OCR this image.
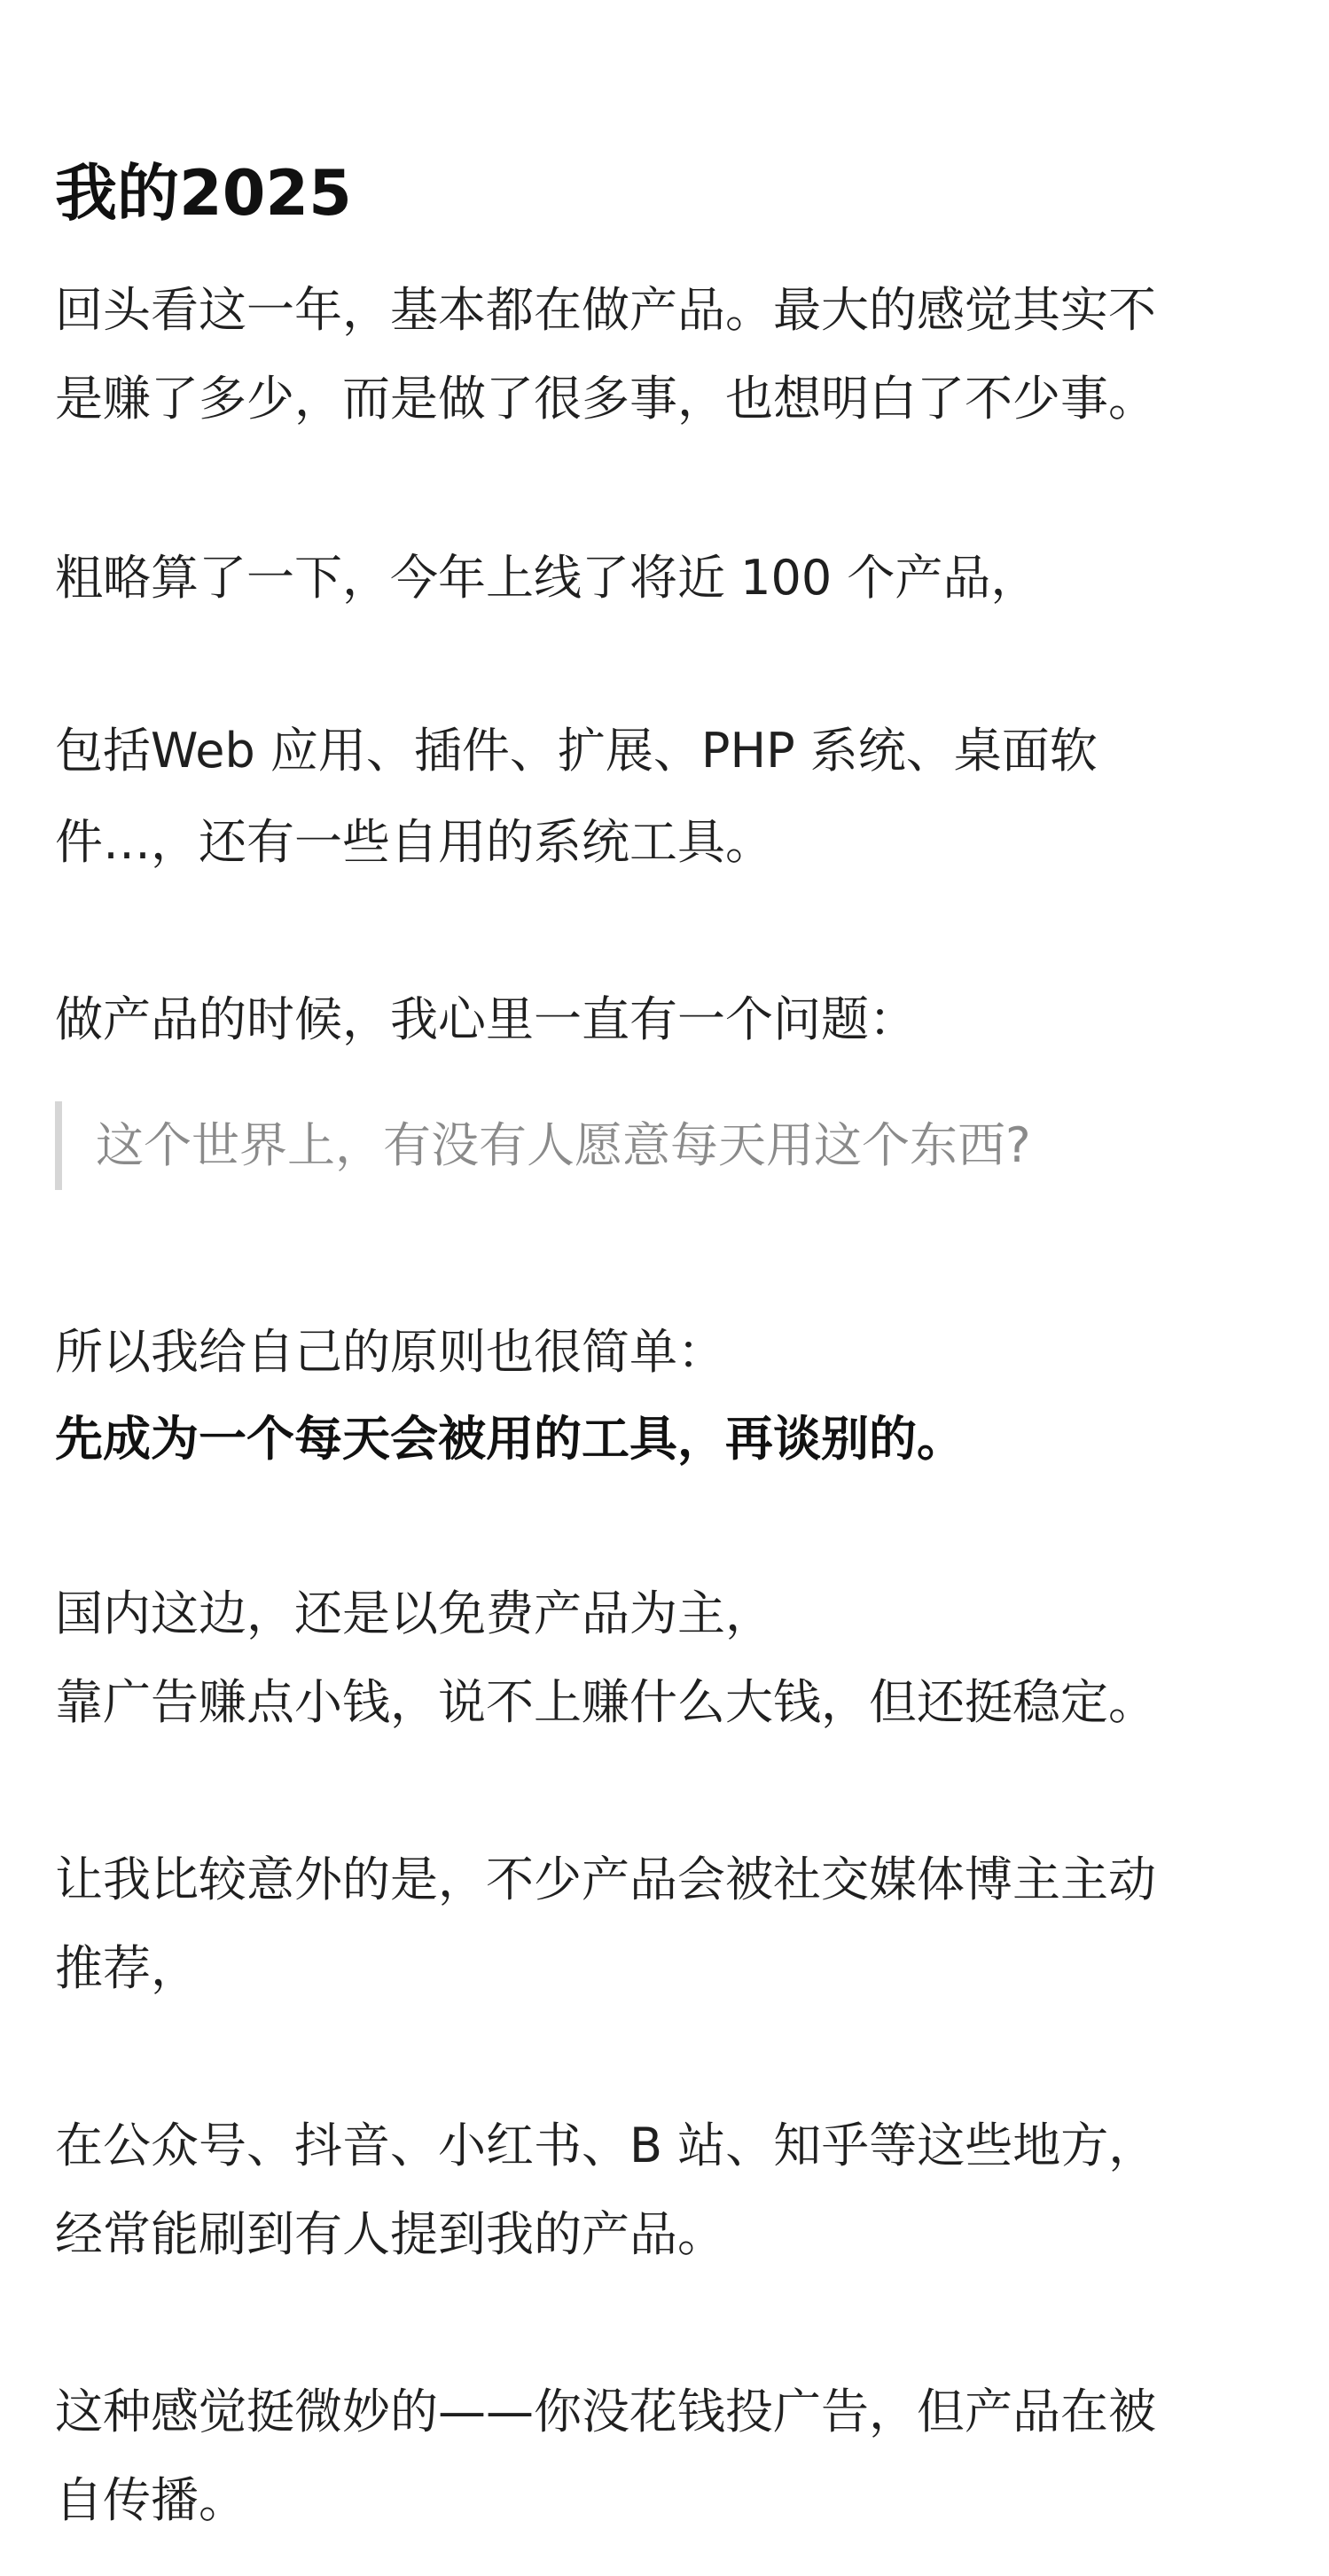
我的2025

回头看这一年，基本都在做产品。最大的感觉其实不

是赚了多少，而是做了很多事，也想明白了不少事。

粗略算了一下，今年上线了将近 100 个产品，

包括Web 应用、插件、扩展、PHP 系统、桌面软

件…，还有一些自用的系统工具。

做产品的时候，我心里一直有一个问题：

这个世界上，有没有人愿意每天用这个东西?

所以我给自己的原则也很简单：

先成为一个每天会被用的工具，再谈别的。

国内这边，还是以免费产品为主，

靠广告赚点小钱，说不上赚什么大钱，但还挺稳定。

让我比较意外的是，不少产品会被社交媒体博主主动

推荐，

在公众号、抖音、小红书、B 站、知乎等这些地方，

经常能刷到有人提到我的产品。

这种感觉挺微妙的——你没花钱投广告，但产品在被

自传播。
